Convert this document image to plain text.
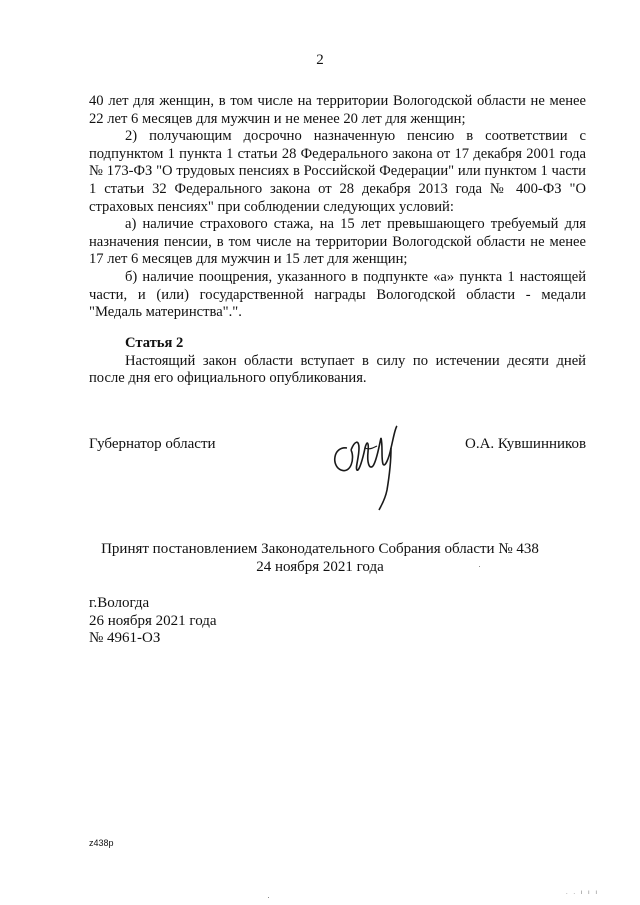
2

40 лет для женщин, в том числе на территории Вологодской области не менее 22 лет 6 месяцев для мужчин и не менее 20 лет для женщин;

2) получающим досрочно назначенную пенсию в соответствии с подпунктом 1 пункта 1 статьи 28 Федерального закона от 17 декабря 2001 года № 173-ФЗ "О трудовых пенсиях в Российской Федерации" или пунктом 1 части 1 статьи 32 Федерального закона от 28 декабря 2013 года № 400-ФЗ "О страховых пенсиях" при соблюдении следующих условий:

а) наличие страхового стажа, на 15 лет превышающего требуемый для назначения пенсии, в том числе на территории Вологодской области не менее 17 лет 6 месяцев для мужчин и 15 лет для женщин;

б) наличие поощрения, указанного в подпункте «а» пункта 1 настоящей части, и (или) государственной награды Вологодской области - медали "Медаль материнства".".

Статья 2

Настоящий закон области вступает в силу по истечении десяти дней после дня его официального опубликования.

Губернатор области	О.А. Кувшинников
Принят постановлением Законодательного Собрания области № 438
24 ноября 2021 года
г.Вологда
26 ноября 2021 года
№ 4961-ОЗ
z438p
. . ı ı ı
